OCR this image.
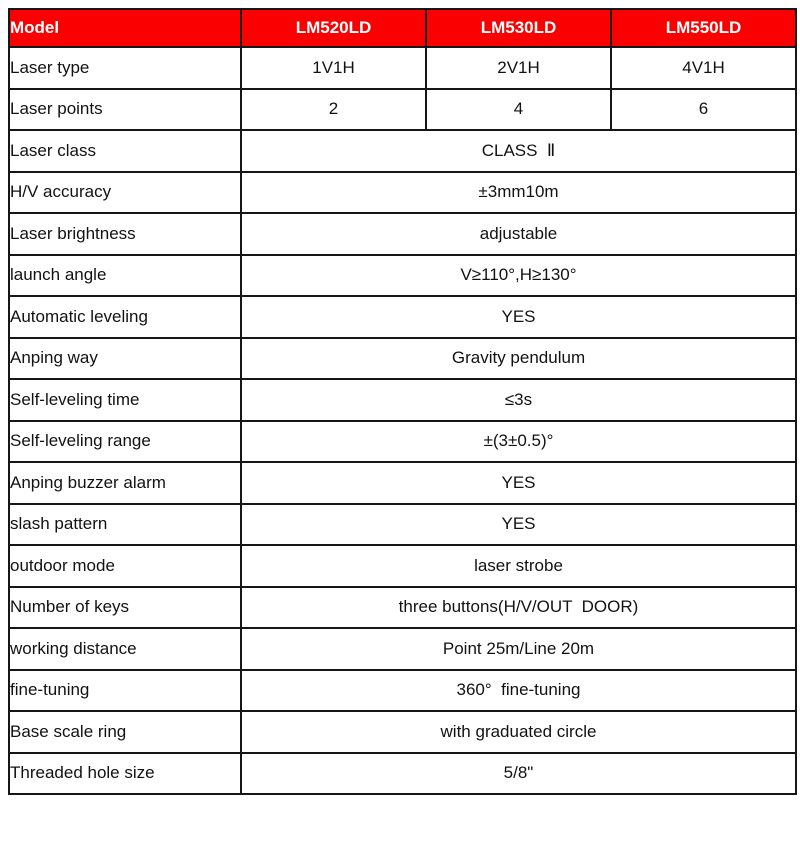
Model	LM520LD	LM530LD	LM550LD
Laser type	1V1H	2V1H	4V1H
Laser points	2	4	6
Laser class	CLASS  Ⅱ		
H/V accuracy	±3mm10m		
Laser brightness	adjustable		
launch angle	V≥110°,H≥130°		
Automatic leveling	YES		
Anping way	Gravity pendulum		
Self-leveling time	≤3s		
Self-leveling range	±(3±0.5)°		
Anping buzzer alarm	YES		
slash pattern	YES		
outdoor mode	laser strobe		
Number of keys	three buttons(H/V/OUT  DOOR)		
working distance	Point 25m/Line 20m		
fine-tuning	360°  fine-tuning		
Base scale ring	with graduated circle		
Threaded hole size	5/8"		
